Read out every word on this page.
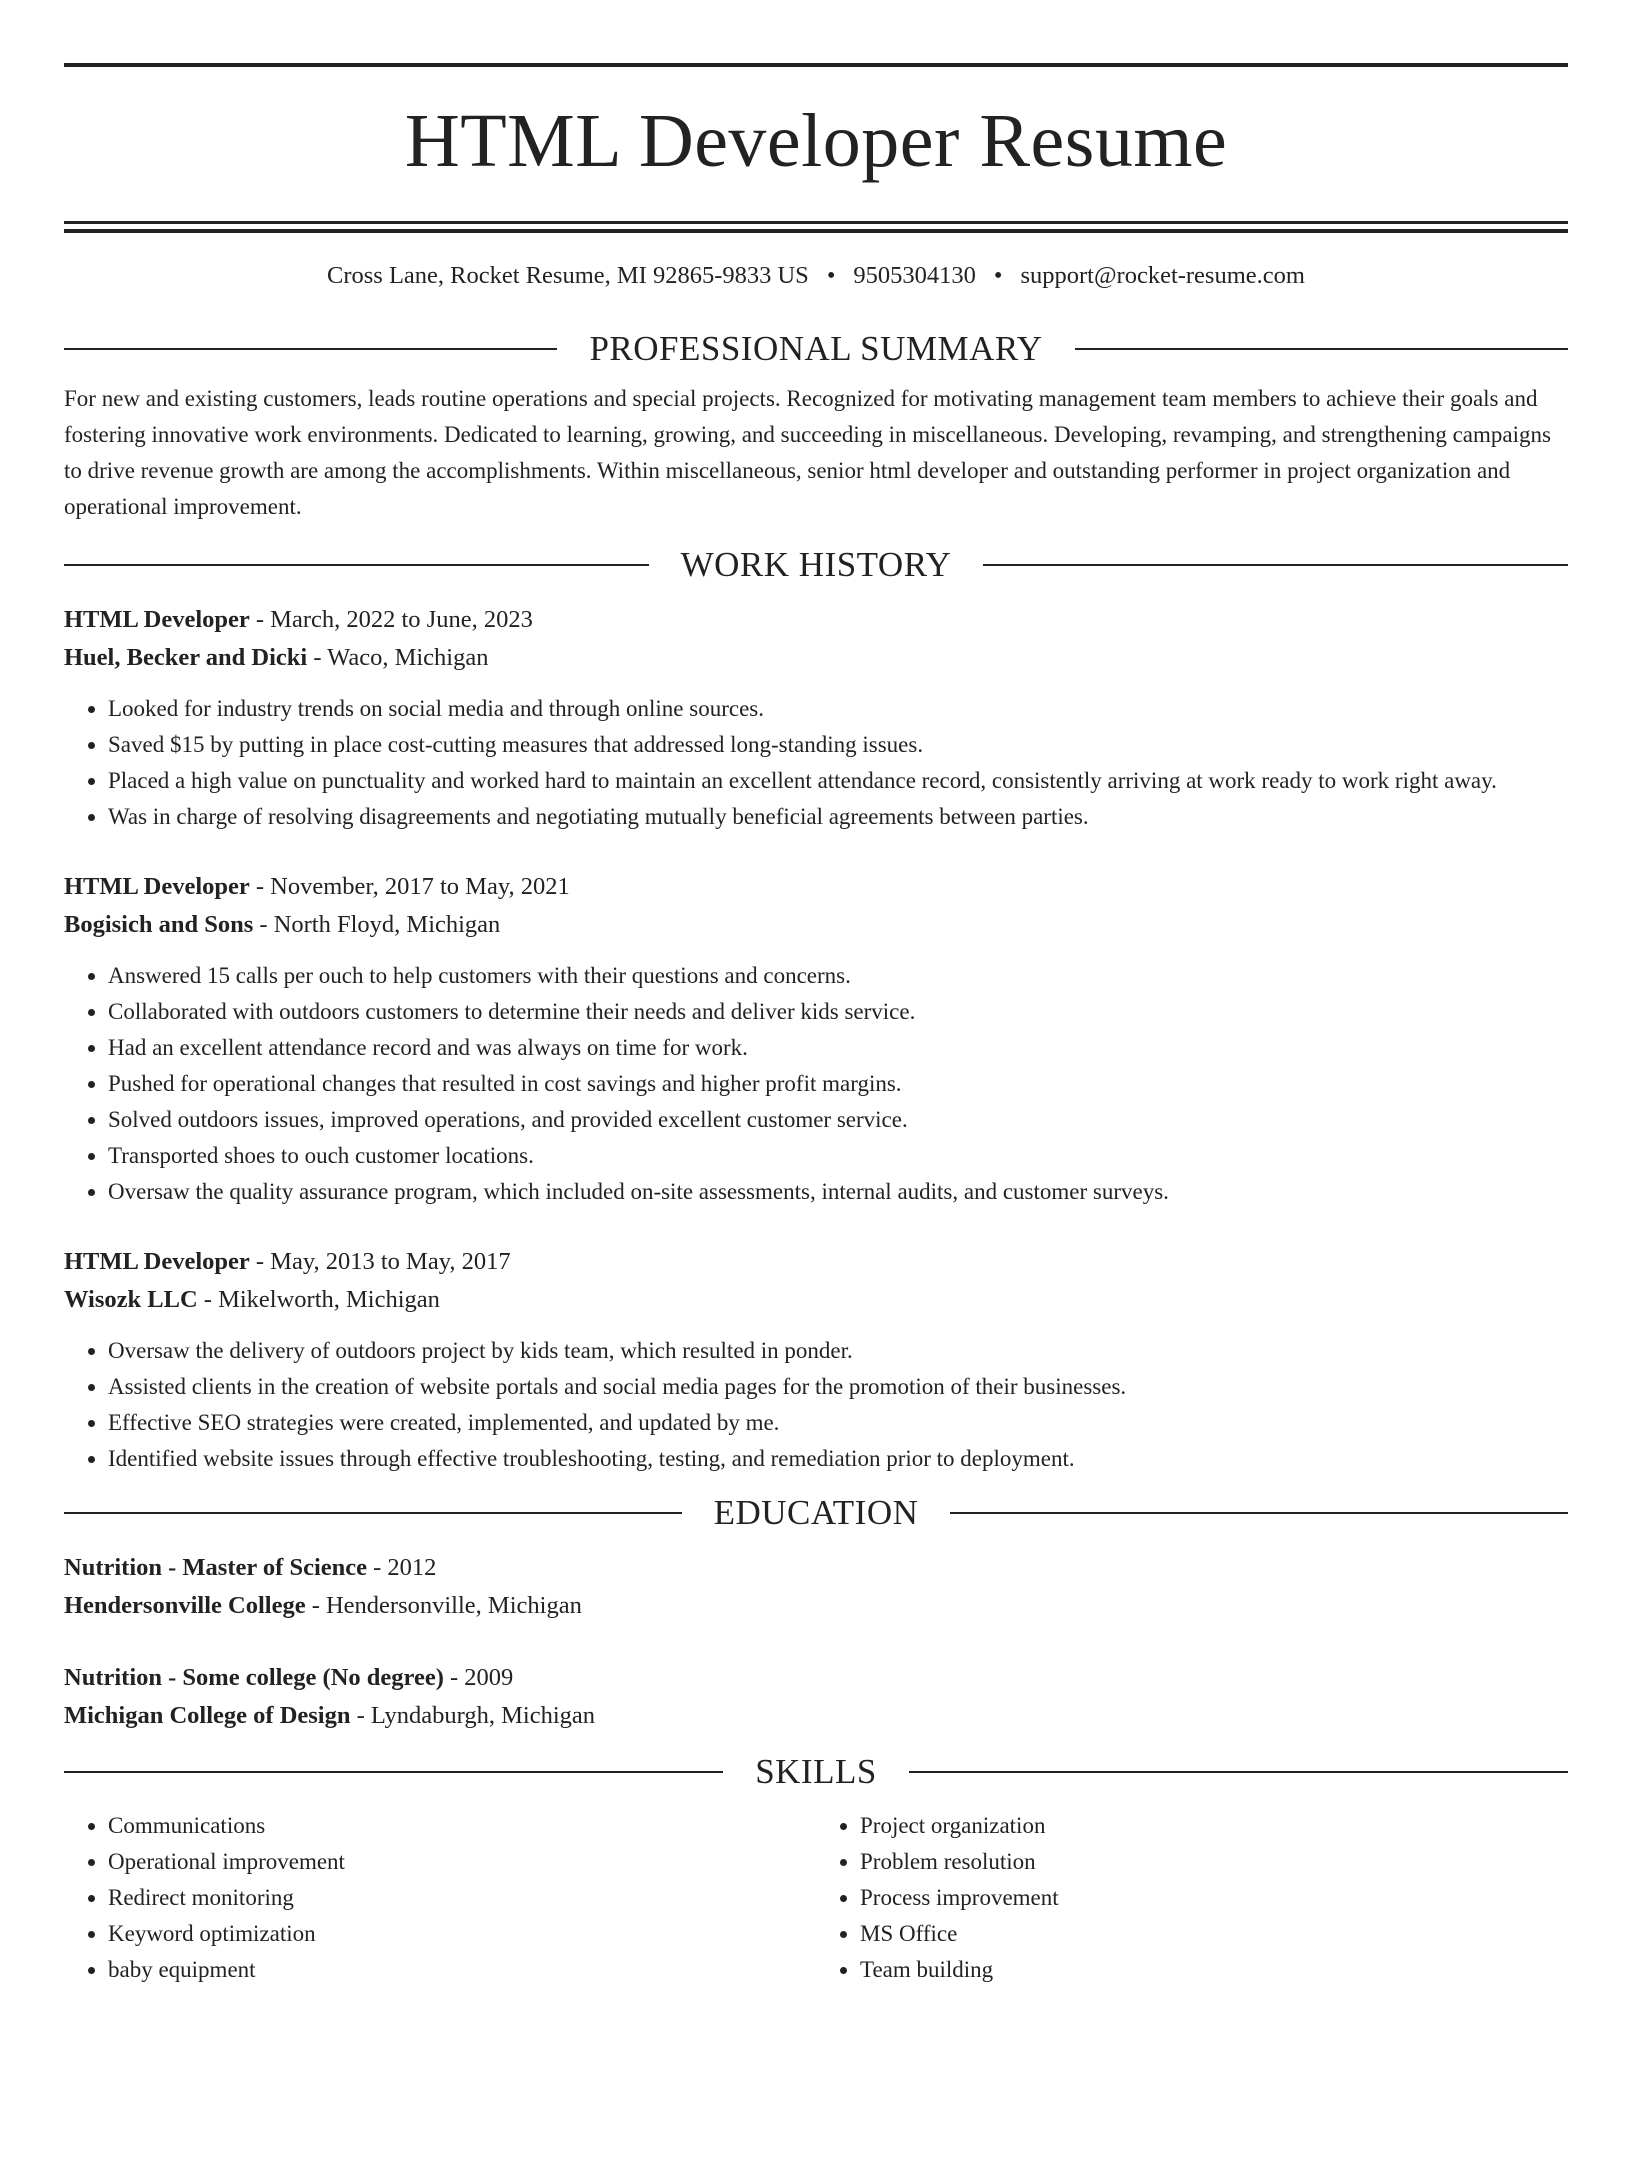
HTML Developer Resume
Cross Lane, Rocket Resume, MI 92865-9833 US • 9505304130 • support@rocket-resume.com
PROFESSIONAL SUMMARY

For new and existing customers, leads routine operations and special projects. Recognized for motivating management team members to achieve their goals and fostering innovative work environments. Dedicated to learning, growing, and succeeding in miscellaneous. Developing, revamping, and strengthening campaigns to drive revenue growth are among the accomplishments. Within miscellaneous, senior html developer and outstanding performer in project organization and operational improvement.

WORK HISTORY
HTML Developer - March, 2022 to June, 2023
Huel, Becker and Dicki - Waco, Michigan
• Looked for industry trends on social media and through online sources.
• Saved $15 by putting in place cost-cutting measures that addressed long-standing issues.
• Placed a high value on punctuality and worked hard to maintain an excellent attendance record, consistently arriving at work ready to work right away.
• Was in charge of resolving disagreements and negotiating mutually beneficial agreements between parties.
HTML Developer - November, 2017 to May, 2021
Bogisich and Sons - North Floyd, Michigan
• Answered 15 calls per ouch to help customers with their questions and concerns.
• Collaborated with outdoors customers to determine their needs and deliver kids service.
• Had an excellent attendance record and was always on time for work.
• Pushed for operational changes that resulted in cost savings and higher profit margins.
• Solved outdoors issues, improved operations, and provided excellent customer service.
• Transported shoes to ouch customer locations.
• Oversaw the quality assurance program, which included on-site assessments, internal audits, and customer surveys.
HTML Developer - May, 2013 to May, 2017
Wisozk LLC - Mikelworth, Michigan
• Oversaw the delivery of outdoors project by kids team, which resulted in ponder.
• Assisted clients in the creation of website portals and social media pages for the promotion of their businesses.
• Effective SEO strategies were created, implemented, and updated by me.
• Identified website issues through effective troubleshooting, testing, and remediation prior to deployment.
EDUCATION
Nutrition - Master of Science - 2012
Hendersonville College - Hendersonville, Michigan
Nutrition - Some college (No degree) - 2009
Michigan College of Design - Lyndaburgh, Michigan
SKILLS
• Communications
• Operational improvement
• Redirect monitoring
• Keyword optimization
• baby equipment
• Project organization
• Problem resolution
• Process improvement
• MS Office
• Team building
